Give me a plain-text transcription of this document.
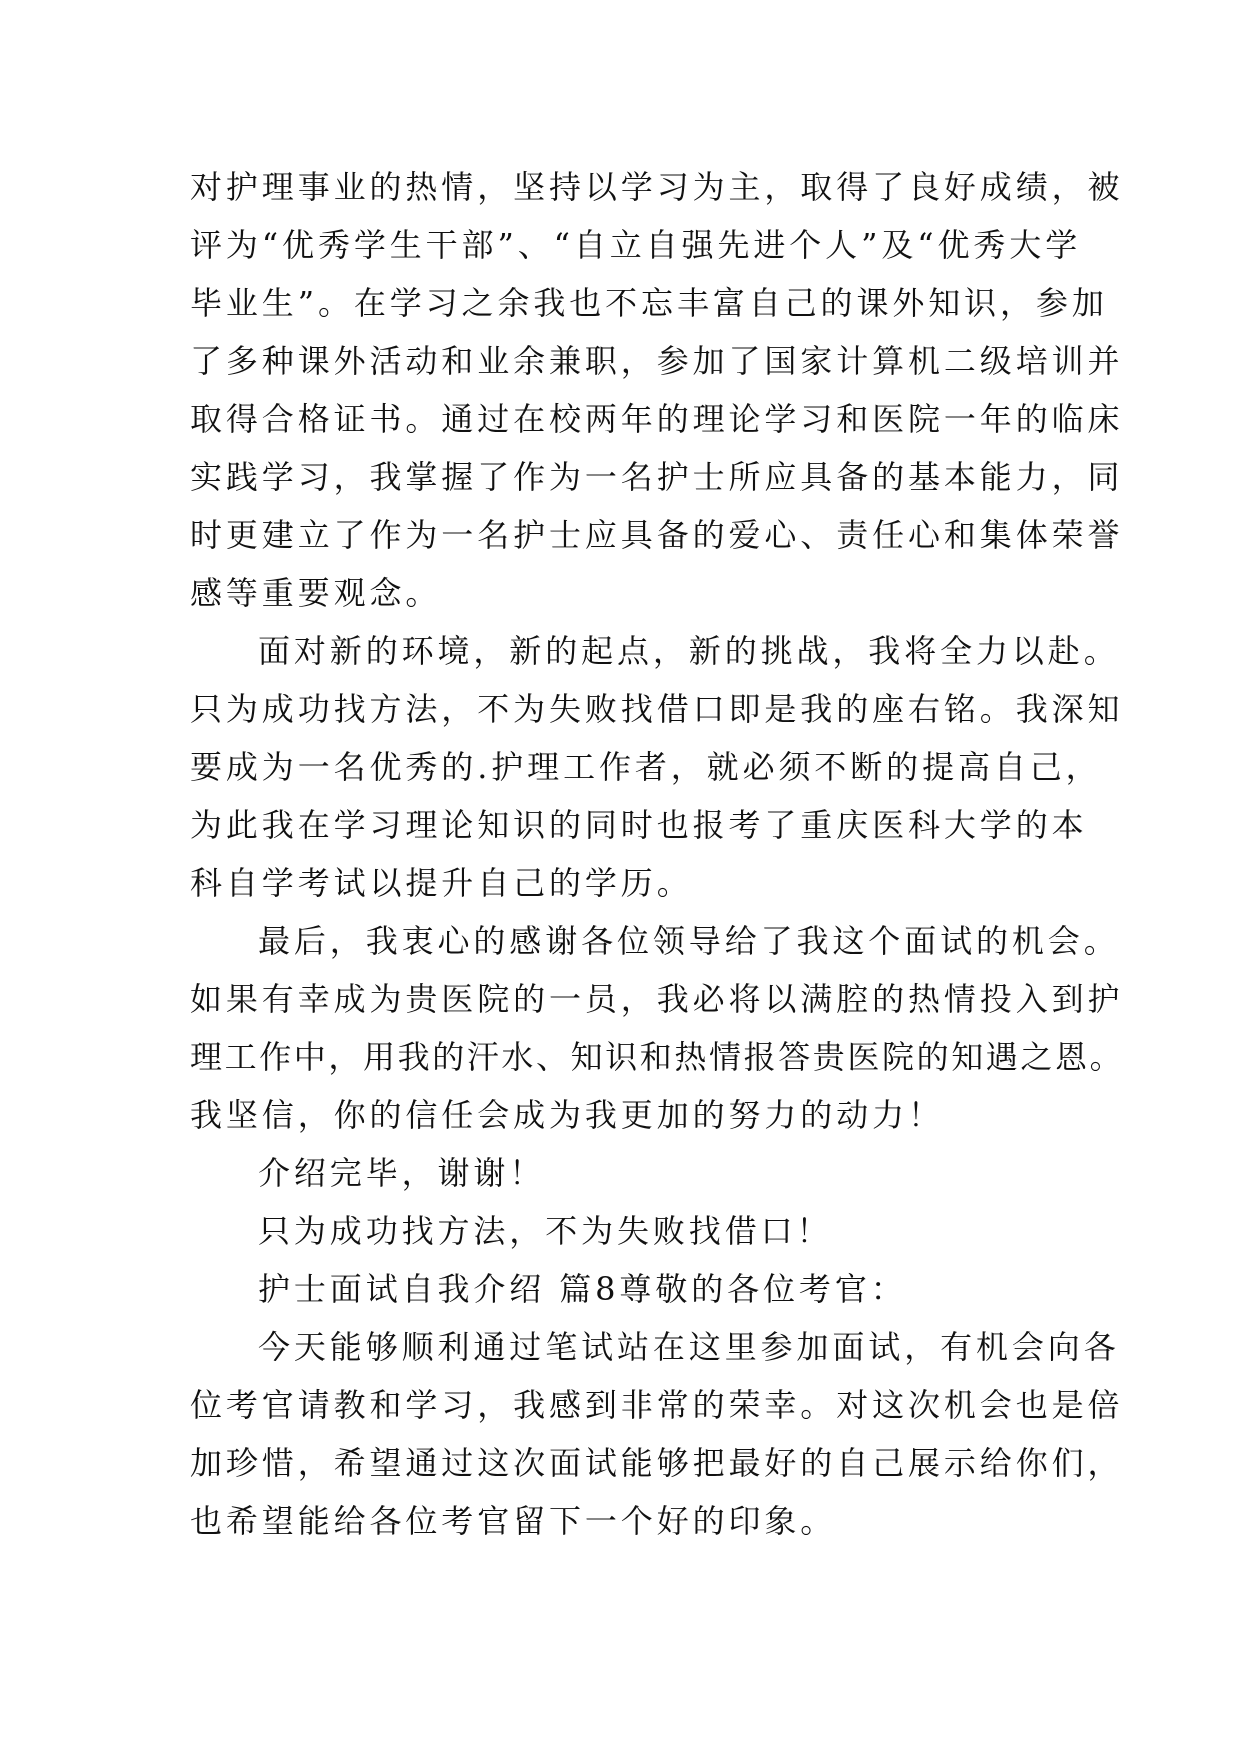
对护理事业的热情，坚持以学习为主，取得了良好成绩，被
评为“优秀学生干部”、“自立自强先进个人”及“优秀大学
毕业生”。在学习之余我也不忘丰富自己的课外知识，参加
了多种课外活动和业余兼职，参加了国家计算机二级培训并
取得合格证书。通过在校两年的理论学习和医院一年的临床
实践学习，我掌握了作为一名护士所应具备的基本能力，同
时更建立了作为一名护士应具备的爱心、责任心和集体荣誉
感等重要观念。
面对新的环境，新的起点，新的挑战，我将全力以赴。
只为成功找方法，不为失败找借口即是我的座右铭。我深知
要成为一名优秀的.护理工作者，就必须不断的提高自己，
为此我在学习理论知识的同时也报考了重庆医科大学的本
科自学考试以提升自己的学历。
最后，我衷心的感谢各位领导给了我这个面试的机会。
如果有幸成为贵医院的一员，我必将以满腔的热情投入到护
理工作中，用我的汗水、知识和热情报答贵医院的知遇之恩。
我坚信，你的信任会成为我更加的努力的动力！
介绍完毕，谢谢！
只为成功找方法，不为失败找借口！
护士面试自我介绍 篇8尊敬的各位考官：
今天能够顺利通过笔试站在这里参加面试，有机会向各
位考官请教和学习，我感到非常的荣幸。对这次机会也是倍
加珍惜，希望通过这次面试能够把最好的自己展示给你们，
也希望能给各位考官留下一个好的印象。
